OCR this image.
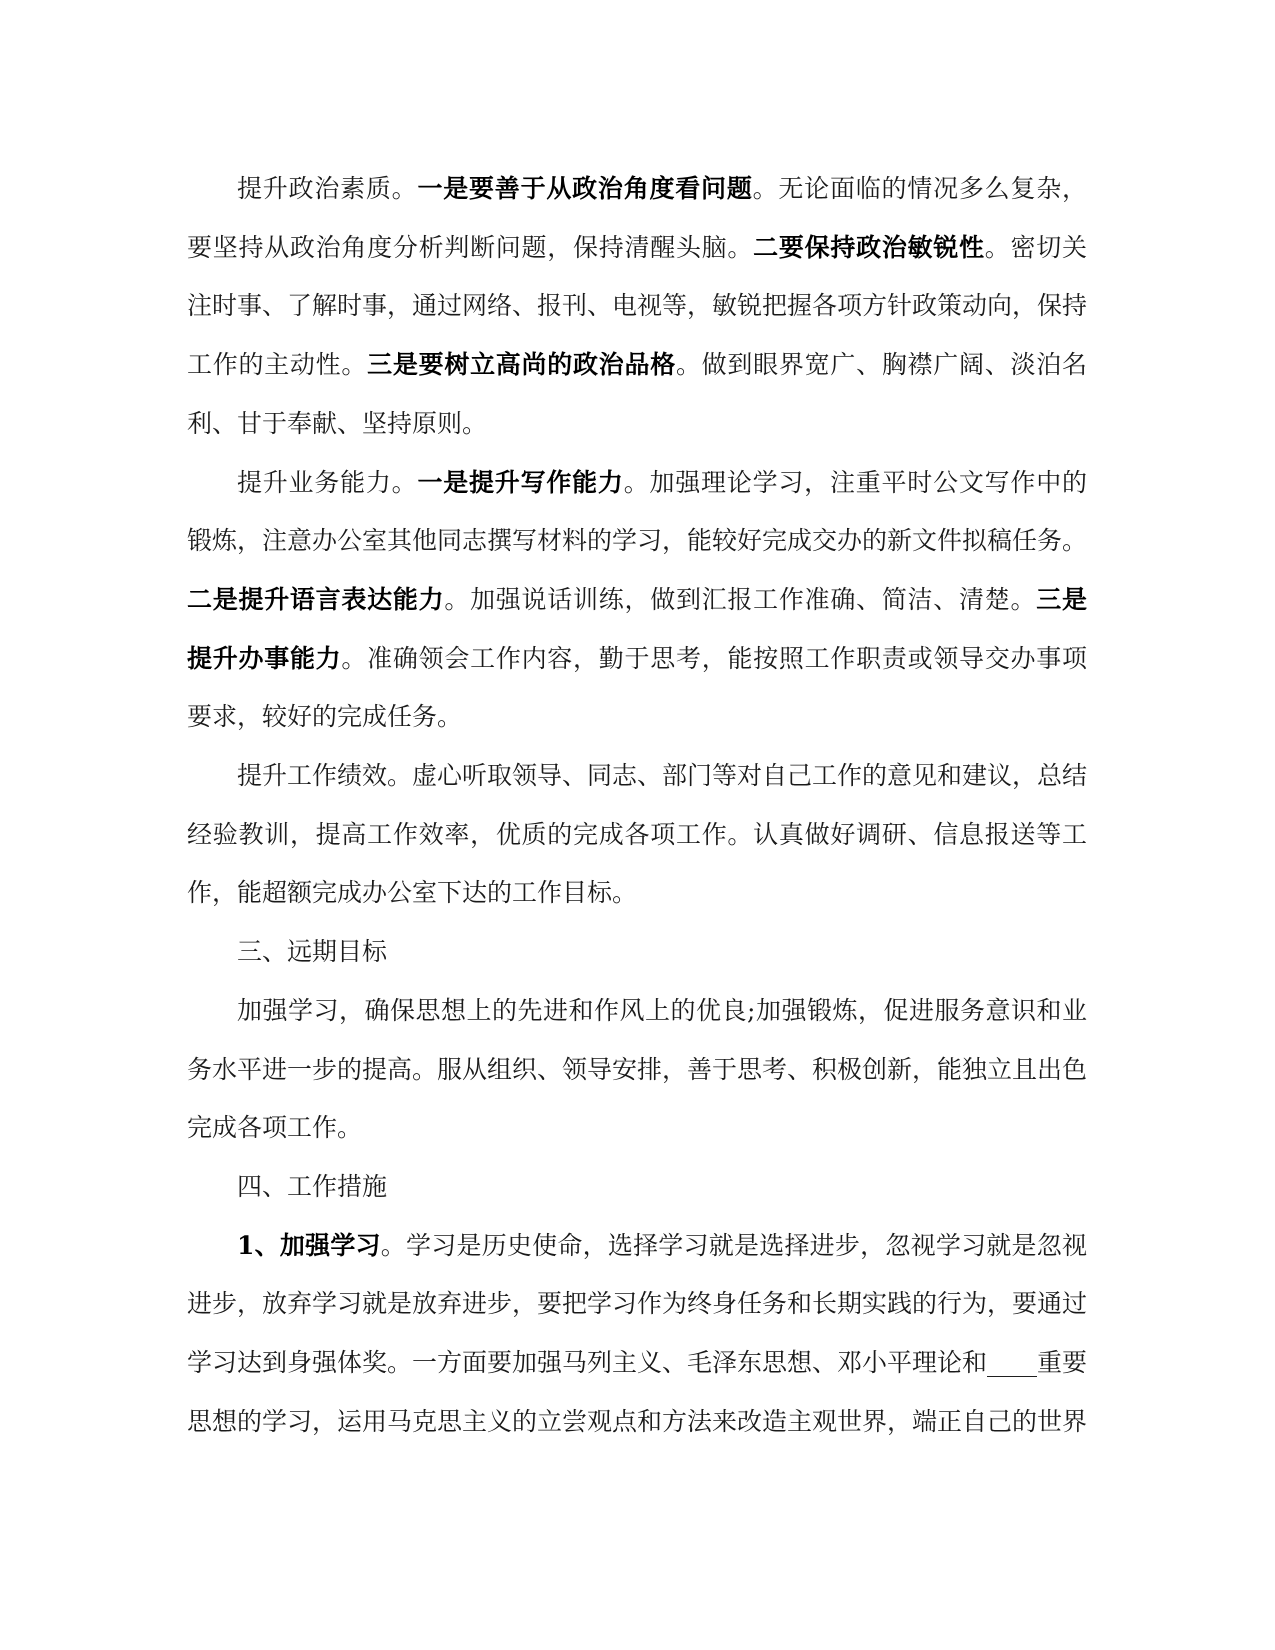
提升政治素质。一是要善于从政治角度看问题。无论面临的情况多么复杂，要坚持从政治角度分析判断问题，保持清醒头脑。二要保持政治敏锐性。密切关注时事、了解时事，通过网络、报刊、电视等，敏锐把握各项方针政策动向，保持工作的主动性。三是要树立高尚的政治品格。做到眼界宽广、胸襟广阔、淡泊名利、甘于奉献、坚持原则。

提升业务能力。一是提升写作能力。加强理论学习，注重平时公文写作中的锻炼，注意办公室其他同志撰写材料的学习，能较好完成交办的新文件拟稿任务。二是提升语言表达能力。加强说话训练，做到汇报工作准确、简洁、清楚。三是提升办事能力。准确领会工作内容，勤于思考，能按照工作职责或领导交办事项要求，较好的完成任务。

提升工作绩效。虚心听取领导、同志、部门等对自己工作的意见和建议，总结经验教训，提高工作效率，优质的完成各项工作。认真做好调研、信息报送等工作，能超额完成办公室下达的工作目标。

三、远期目标

加强学习，确保思想上的先进和作风上的优良;加强锻炼，促进服务意识和业务水平进一步的提高。服从组织、领导安排，善于思考、积极创新，能独立且出色完成各项工作。

四、工作措施

1、加强学习。学习是历史使命，选择学习就是选择进步，忽视学习就是忽视进步，放弃学习就是放弃进步，要把学习作为终身任务和长期实践的行为，要通过学习达到身强体奖。一方面要加强马列主义、毛泽东思想、邓小平理论和____重要思想的学习，运用马克思主义的立尝观点和方法来改造主观世界，端正自己的世界
